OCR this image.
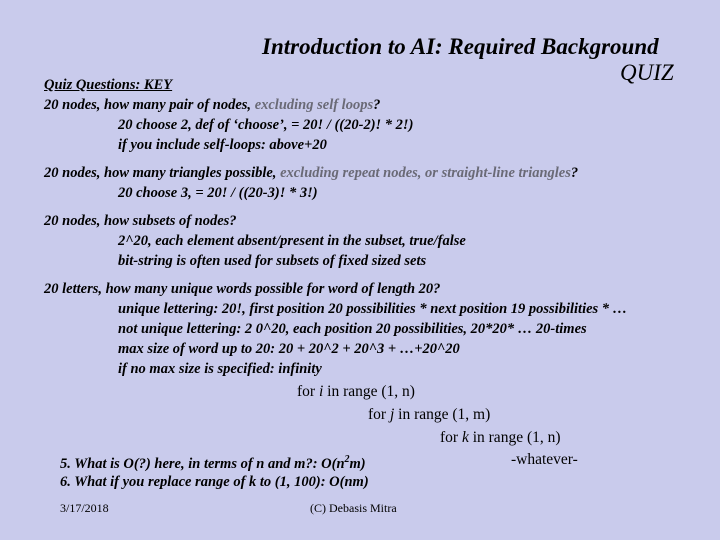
Introduction to AI: Required Background
QUIZ
Quiz Questions: KEY
20 nodes, how many pair of nodes, excluding self loops?
20 choose 2, def of ‘choose’, = 20! / ((20-2)! * 2!)
if you include self-loops: above+20
20 nodes, how many triangles possible, excluding repeat nodes, or straight-line triangles?
20 choose 3, = 20! / ((20-3)! * 3!)
20 nodes, how subsets of nodes?
2^20, each element absent/present in the subset, true/false
bit-string is often used for subsets of fixed sized sets
20 letters, how many unique words possible for word of length 20?
unique lettering: 20!, first position 20 possibilities * next position 19 possibilities * …
not unique lettering: 2 0^20, each position 20 possibilities, 20*20* … 20-times
max size of word up to 20: 20 + 20^2 + 20^3 + …+20^20
if no max size is specified: infinity
for i in range (1, n)
for j in range (1, m)
for k in range (1, n)
-whatever-
5. What is O(?) here, in terms of n and m?: $O(n^2m)$
6. What if you replace range of k to (1, 100): O(nm)
3/17/2018	(C) Debasis Mitra
